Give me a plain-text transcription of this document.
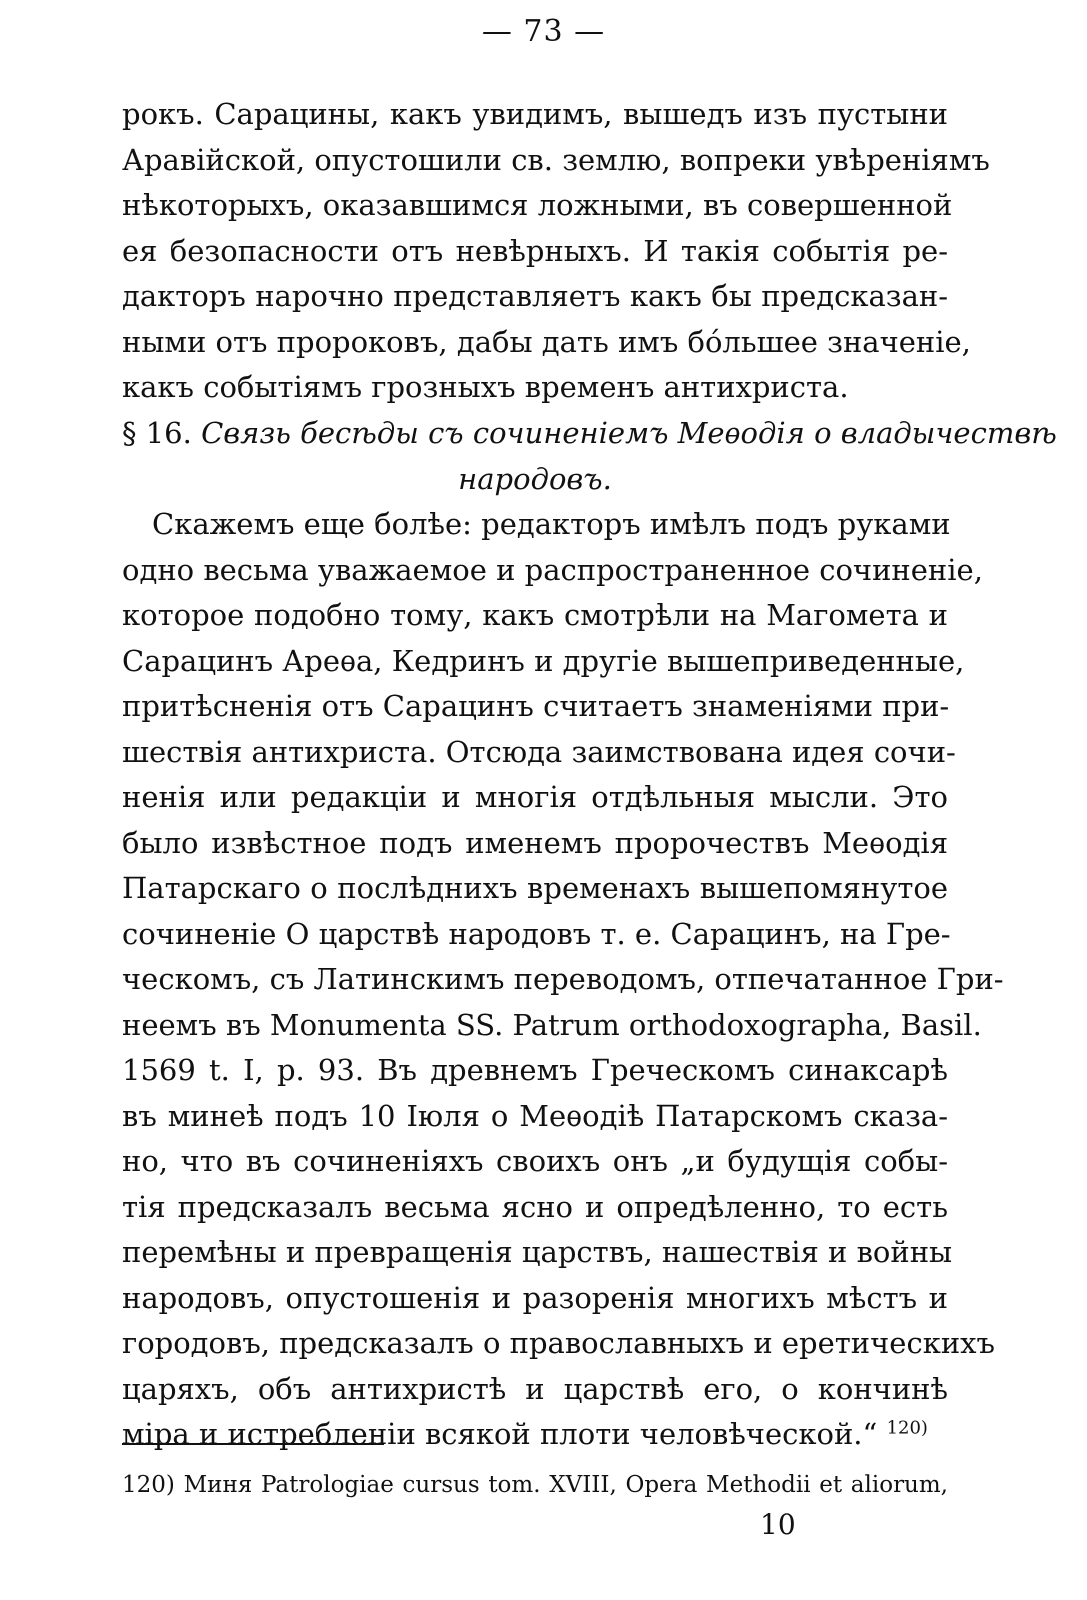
— 73 —
рокъ. Сарацины, какъ увидимъ, вышедъ изъ пустыни
Аравійской, опустошили св. землю, вопреки увѣреніямъ
нѣкоторыхъ, оказавшимся ложными, въ совершенной
ея безопасности отъ невѣрныхъ. И такія событія ре-
дакторъ нарочно представляетъ какъ бы предсказан-
ными отъ пророковъ, дабы дать имъ бо́льшее значеніе,
какъ событіямъ грозныхъ временъ антихриста.
§ 16. Связь бесѣды съ сочиненіемъ Меѳодія о владычествѣ
народовъ.
Скажемъ еще болѣе: редакторъ имѣлъ подъ руками
одно весьма уважаемое и распространенное сочиненіе,
которое подобно тому, какъ смотрѣли на Магомета и
Сарацинъ Ареѳа, Кедринъ и другіе вышеприведенные,
притѣсненія отъ Сарацинъ считаетъ знаменіями при-
шествія антихриста. Отсюда заимствована идея сочи-
ненія или редакціи и многія отдѣльныя мысли. Это
было извѣстное подъ именемъ пророчествъ Меѳодія
Патарскаго о послѣднихъ временахъ вышепомянутое
сочиненіе О царствѣ народовъ т. е. Сарацинъ, на Гре-
ческомъ, съ Латинскимъ переводомъ, отпечатанное Гри-
неемъ въ Monumenta SS. Patrum orthodoxographa, Basil.
1569 t. I, p. 93. Въ древнемъ Греческомъ синаксарѣ
въ минеѣ подъ 10 Іюля о Меѳодіѣ Патарскомъ сказа-
но, что въ сочиненіяхъ своихъ онъ „и будущія собы-
тія предсказалъ весьма ясно и опредѣленно, то есть
перемѣны и превращенія царствъ, нашествія и войны
народовъ, опустошенія и разоренія многихъ мѣстъ и
городовъ, предсказалъ о православныхъ и еретическихъ
царяхъ, объ антихристѣ и царствѣ его, о кончинѣ
міра и истребленіи всякой плоти человѣческой.“ $^{120)}$
120) Миня Patrologiae cursus tom. XVIII, Opera Methodii et aliorum,
10
